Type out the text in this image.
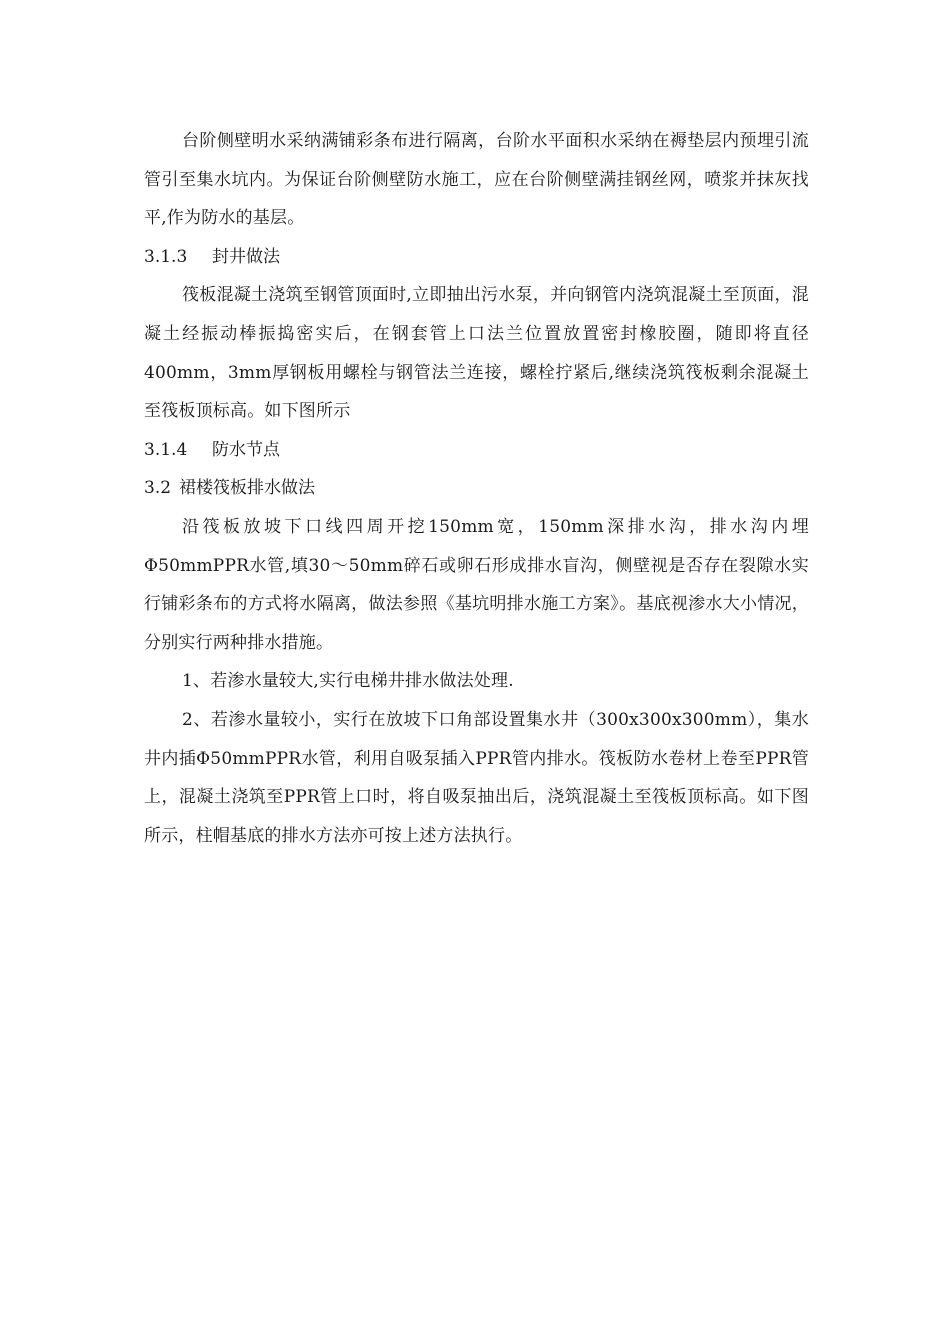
台阶侧壁明水采纳满铺彩条布进行隔离，台阶水平面积水采纳在褥垫层内预埋引流管引至集水坑内。为保证台阶侧壁防水施工，应在台阶侧壁满挂钢丝网，喷浆并抹灰找平,作为防水的基层。

3.1.3 封井做法

筏板混凝土浇筑至钢管顶面时,立即抽出污水泵，并向钢管内浇筑混凝土至顶面，混凝土经振动棒振捣密实后，在钢套管上口法兰位置放置密封橡胶圈，随即将直径400mm，3mm厚钢板用螺栓与钢管法兰连接，螺栓拧紧后,继续浇筑筏板剩余混凝土至筏板顶标高。如下图所示

3.1.4 防水节点

3.2 裙楼筏板排水做法

沿筏板放坡下口线四周开挖150mm宽，150mm深排水沟，排水沟内埋Φ50mmPPR水管,填30～50mm碎石或卵石形成排水盲沟，侧壁视是否存在裂隙水实行铺彩条布的方式将水隔离，做法参照《基坑明排水施工方案》。基底视渗水大小情况，分别实行两种排水措施。

1、若渗水量较大,实行电梯井排水做法处理.

2、若渗水量较小，实行在放坡下口角部设置集水井（300x300x300mm），集水井内插Φ50mmPPR水管，利用自吸泵插入PPR管内排水。筏板防水卷材上卷至PPR管上，混凝土浇筑至PPR管上口时，将自吸泵抽出后，浇筑混凝土至筏板顶标高。如下图所示，柱帽基底的排水方法亦可按上述方法执行。
